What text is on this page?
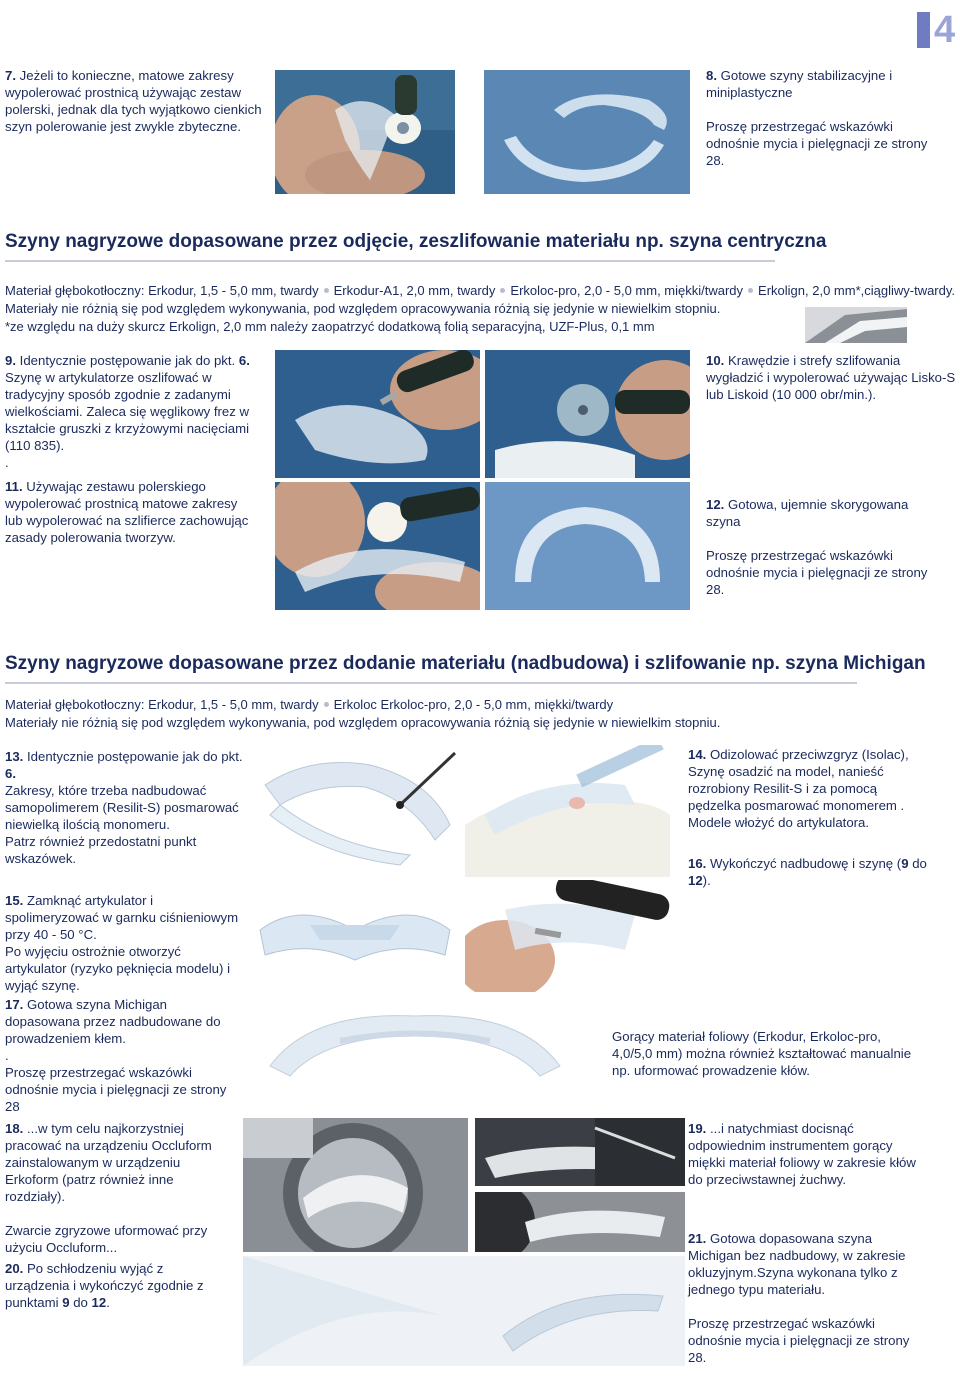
4
7. Jeżeli to konieczne, matowe zakresy wypolerować prostnicą używając zestaw polerski, jednak dla tych wyjątkowo cienkich szyn polerowanie jest zwykle zbyteczne.
8. Gotowe szyny stabilizacyjne i miniplastyczne
Proszę przestrzegać wskazówki odnośnie mycia i pielęgnacji ze strony 28.
Szyny nagryzowe dopasowane przez odjęcie, zeszlifowanie materiału np. szyna centryczna
Materiał głębokotłoczny: Erkodur, 1,5 - 5,0 mm, twardy Erkodur-A1, 2,0 mm, twardy Erkoloc-pro, 2,0 - 5,0 mm, miękki/twardy Erkolign, 2,0 mm*,ciągliwy-twardy.
Materiały nie różnią się pod względem wykonywania, pod względem opracowywania różnią się jedynie w niewielkim stopniu.
*ze względu na duży skurcz Erkolign, 2,0 mm należy zaopatrzyć dodatkową folią separacyjną, UZF-Plus, 0,1 mm
9. Identycznie postępowanie jak do pkt. 6.
Szynę w artykulatorze oszlifować w tradycyjny sposób zgodnie z zadanymi wielkościami. Zaleca się węglikowy frez w kształcie gruszki z krzyżowymi nacięciami (110 835).
.
11. Używając zestawu polerskiego wypolerować prostnicą matowe zakresy lub wypolerować na szlifierce zachowując zasady polerowania tworzyw.
10. Krawędzie i strefy szlifowania wygładzić i wypolerować używając Lisko-S lub Liskoid (10 000 obr/min.).
12. Gotowa, ujemnie skorygowana szyna
Proszę przestrzegać wskazówki odnośnie mycia i pielęgnacji ze strony 28.
Szyny nagryzowe dopasowane przez dodanie materiału (nadbudowa) i szlifowanie np. szyna Michigan
Materiał głębokotłoczny: Erkodur, 1,5 - 5,0 mm, twardy Erkoloc Erkoloc-pro, 2,0 - 5,0 mm, miękki/twardy
Materiały nie różnią się pod względem wykonywania, pod względem opracowywania różnią się jedynie w niewielkim stopniu.
13. Identycznie postępowanie jak do pkt.
6.
Zakresy, które trzeba nadbudować samopolimerem (Resilit-S) posmarować niewielką ilością monomeru.
Patrz również przedostatni punkt wskazówek.
15. Zamknąć artykulator i spolimeryzować w garnku ciśnieniowym przy 40 - 50 °C.
Po wyjęciu ostrożnie otworzyć artykulator (ryzyko pęknięcia modelu) i wyjąć szynę.
17. Gotowa szyna Michigan dopasowana przez nadbudowane do prowadzeniem kłem.
.
Proszę przestrzegać wskazówki odnośnie mycia i pielęgnacji ze strony 28
14. Odizolować przeciwzgryz (Isolac), Szynę osadzić na model, nanieść rozrobiony Resilit-S i za pomocą pędzelka posmarować monomerem . Modele włożyć do artykulatora.
16. Wykończyć nadbudowę i szynę (9 do 12).
Gorący materiał foliowy (Erkodur, Erkoloc-pro, 4,0/5,0 mm) można również kształtować manualnie np. uformować prowadzenie kłów.
18. ...w tym celu najkorzystniej pracować na urządzeniu Occluform zainstalowanym w urządzeniu Erkoform (patrz również inne rozdziały).
Zwarcie zgryzowe uformować przy użyciu Occluform...
20. Po schłodzeniu wyjąć z urządzenia i wykończyć zgodnie z punktami 9 do 12.
19. ...i natychmiast docisnąć odpowiednim instrumentem gorący miękki materiał foliowy w zakresie kłów do przeciwstawnej żuchwy.
21. Gotowa dopasowana szyna Michigan bez nadbudowy, w zakresie okluzyjnym.Szyna wykonana tylko z jednego typu materiału.
Proszę przestrzegać wskazówki odnośnie mycia i pielęgnacji ze strony 28.
